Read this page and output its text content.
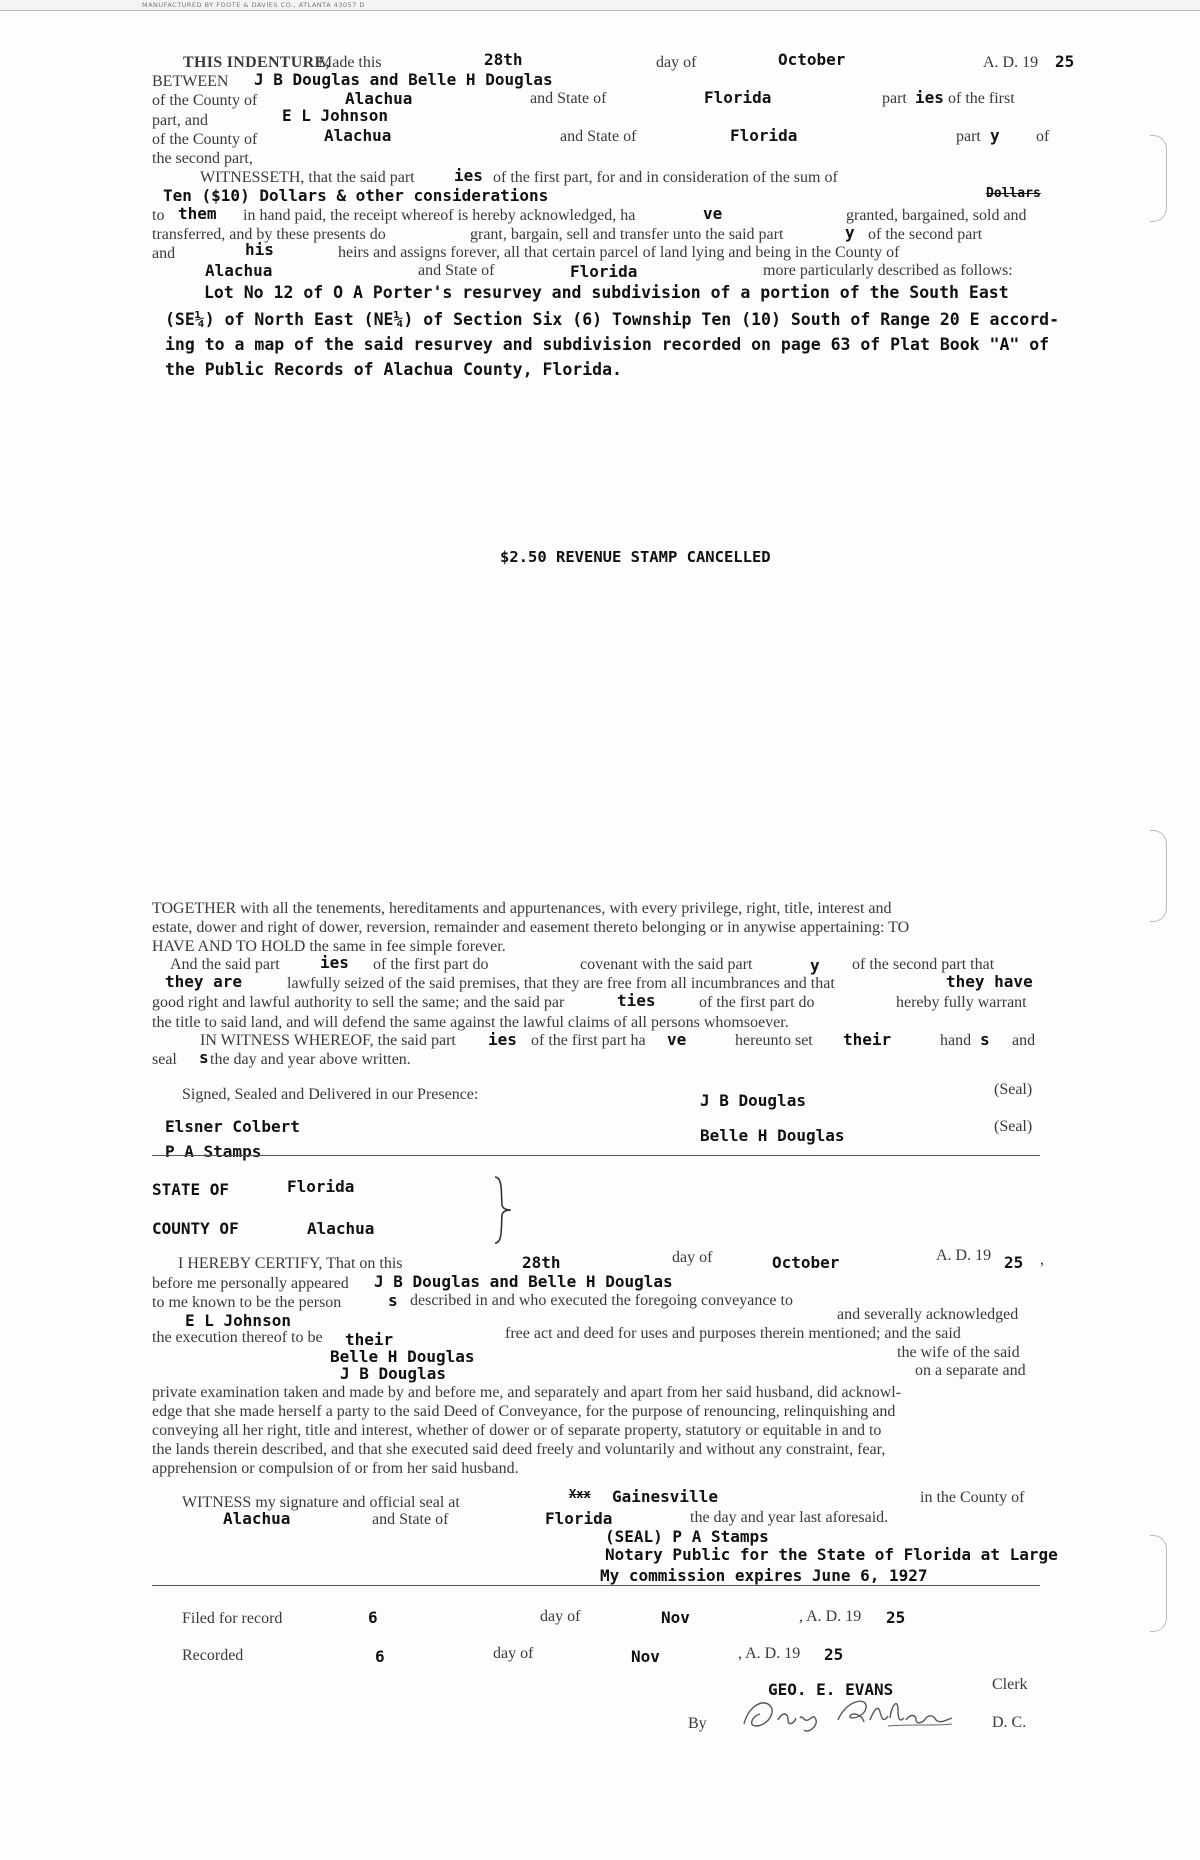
MANUFACTURED BY FOOTE & DAVIES CO., ATLANTA 43057 D
THIS INDENTURE,
Made this	28th	day of	October	A. D. 19 25
BETWEEN J B Douglas and Belle H Douglas
of the County of	Alachua	and State of	Florida	part ies of the first
part, and	E L Johnson
of the County of	Alachua	and State of	Florida	part y of
the second part,
WITNESSETH, that the said part ies of the first part, for and in consideration of the sum of
Ten ($10) Dollars & other considerations	Dollars
to them in hand paid, the receipt whereof is hereby acknowledged, ha	ve	granted, bargained, sold and
transferred, and by these presents do	grant, bargain, sell and transfer unto the said part	y of the second part
and	his	heirs and assigns forever, all that certain parcel of land lying and being in the County of
Alachua	and State of	Florida	more particularly described as follows:
Lot No 12 of O A Porter's resurvey and subdivision of a portion of the South East
(SE¼) of North East (NE¼) of Section Six (6) Township Ten (10) South of Range 20 E accord-
ing to a map of the said resurvey and subdivision recorded on page 63 of Plat Book "A" of
the Public Records of Alachua County, Florida.
$2.50 REVENUE STAMP CANCELLED
TOGETHER with all the tenements, hereditaments and appurtenances, with every privilege, right, title, interest and
estate, dower and right of dower, reversion, remainder and easement thereto belonging or in anywise appertaining: TO
HAVE AND TO HOLD the same in fee simple forever.
And the said part	ies of the first part do	covenant with the said part	y of the second part that
they are	lawfully seized of the said premises, that they are free from all incumbrances and that	they have
good right and lawful authority to sell the same; and the said par	ties	of the first part do	hereby fully warrant
the title to said land, and will defend the same against the lawful claims of all persons whomsoever.
IN WITNESS WHEREOF, the said part ies of the first part ha ve	hereunto set their	hand s and
seal s the day and year above written.
Signed, Sealed and Delivered in our Presence:	J B Douglas
(Seal)
Elsner Colbert	Belle H Douglas	(Seal)
P A Stamps
STATE OF	Florida
COUNTY OF	Alachua
I HEREBY CERTIFY, That on this	28th	day of	October	A. D. 19 25 ,
before me personally appeared J B Douglas and Belle H Douglas
to me known to be the person	s described in and who executed the foregoing conveyance to
E L Johnson	and severally acknowledged
the execution thereof to be their	free act and deed for uses and purposes therein mentioned; and the said
Belle H Douglas	the wife of the said
J B Douglas	on a separate and
private examination taken and made by and before me, and separately and apart from her said husband, did acknowl-
edge that she made herself a party to the said Deed of Conveyance, for the purpose of renouncing, relinquishing and
conveying all her right, title and interest, whether of dower or of separate property, statutory or equitable in and to
the lands therein described, and that she executed said deed freely and voluntarily and without any constraint, fear,
apprehension or compulsion of or from her said husband.
WITNESS my signature and official seal at	Xxx Gainesville	in the County of
Alachua	and State of	Florida	the day and year last aforesaid.
(SEAL) P A Stamps
Notary Public for the State of Florida at Large
My commission expires June 6, 1927
Filed for record	6	day of	Nov	, A. D. 19 25
Recorded	6	day of	Nov	, A. D. 19 25
GEO. E. EVANS	Clerk
By	D. C.
